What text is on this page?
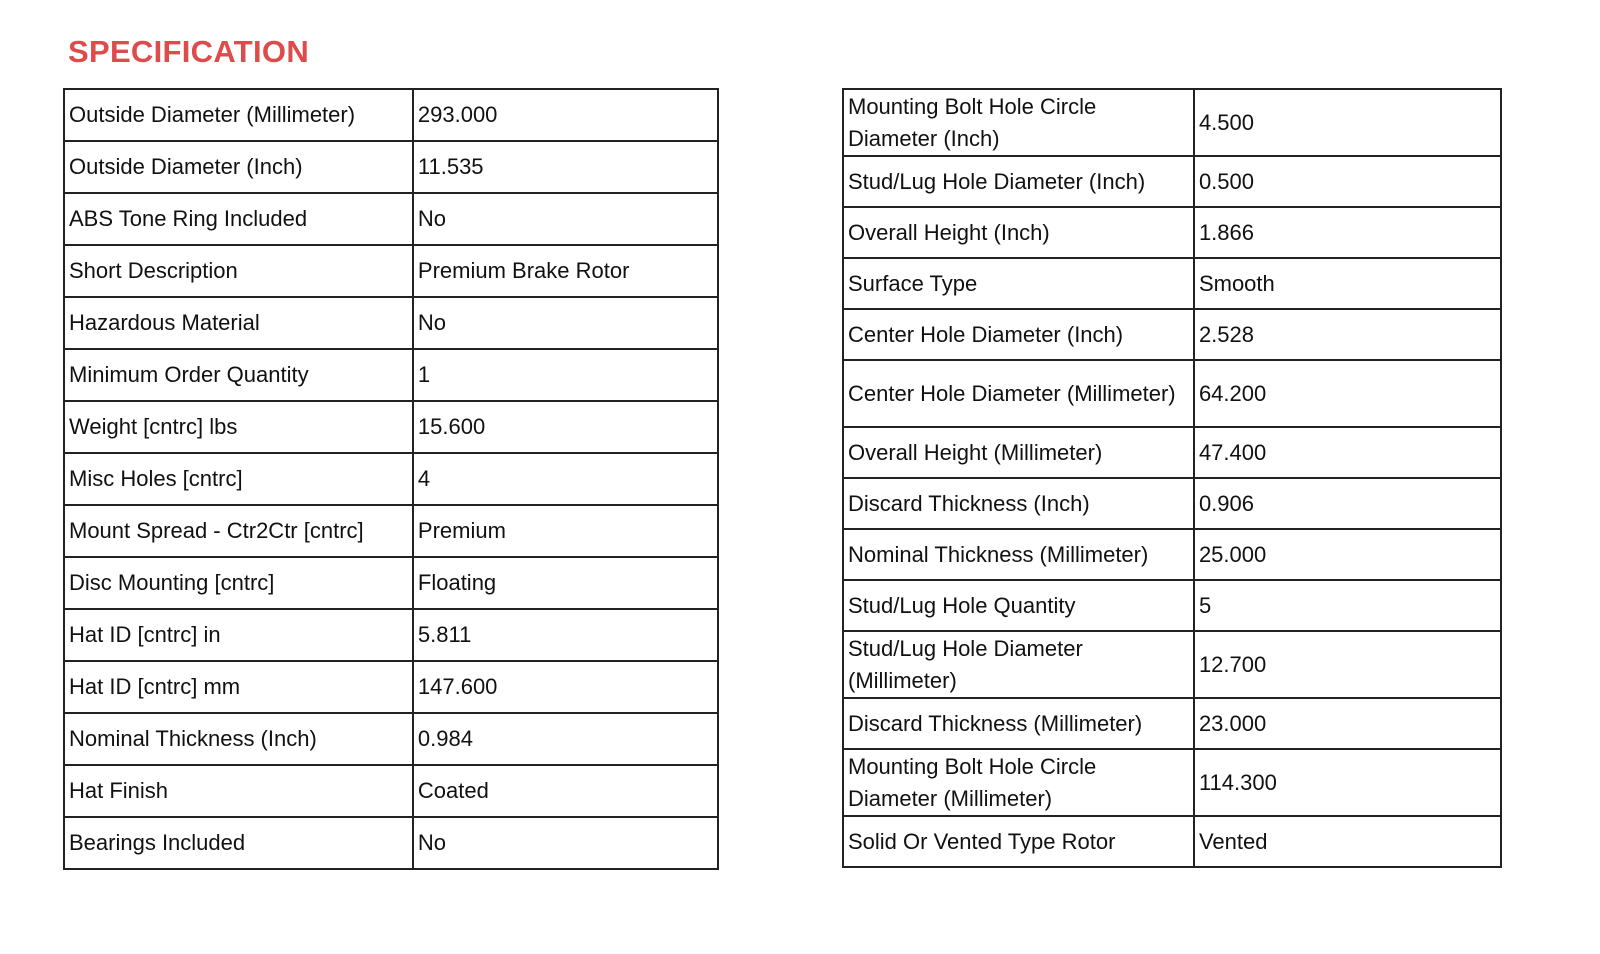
SPECIFICATION
Outside Diameter (Millimeter)	293.000
Outside Diameter (Inch)	11.535
ABS Tone Ring Included	No
Short Description	Premium Brake Rotor
Hazardous Material	No
Minimum Order Quantity	1
Weight [cntrc] lbs	15.600
Misc Holes [cntrc]	4
Mount Spread - Ctr2Ctr [cntrc]	Premium
Disc Mounting [cntrc]	Floating
Hat ID [cntrc] in	5.811
Hat ID [cntrc] mm	147.600
Nominal Thickness (Inch)	0.984
Hat Finish	Coated
Bearings Included	No
Mounting Bolt Hole Circle Diameter (Inch)	4.500
Stud/Lug Hole Diameter (Inch)	0.500
Overall Height (Inch)	1.866
Surface Type	Smooth
Center Hole Diameter (Inch)	2.528
Center Hole Diameter (Millimeter)	64.200
Overall Height (Millimeter)	47.400
Discard Thickness (Inch)	0.906
Nominal Thickness (Millimeter)	25.000
Stud/Lug Hole Quantity	5
Stud/Lug Hole Diameter (Millimeter)	12.700
Discard Thickness (Millimeter)	23.000
Mounting Bolt Hole Circle Diameter (Millimeter)	114.300
Solid Or Vented Type Rotor	Vented
